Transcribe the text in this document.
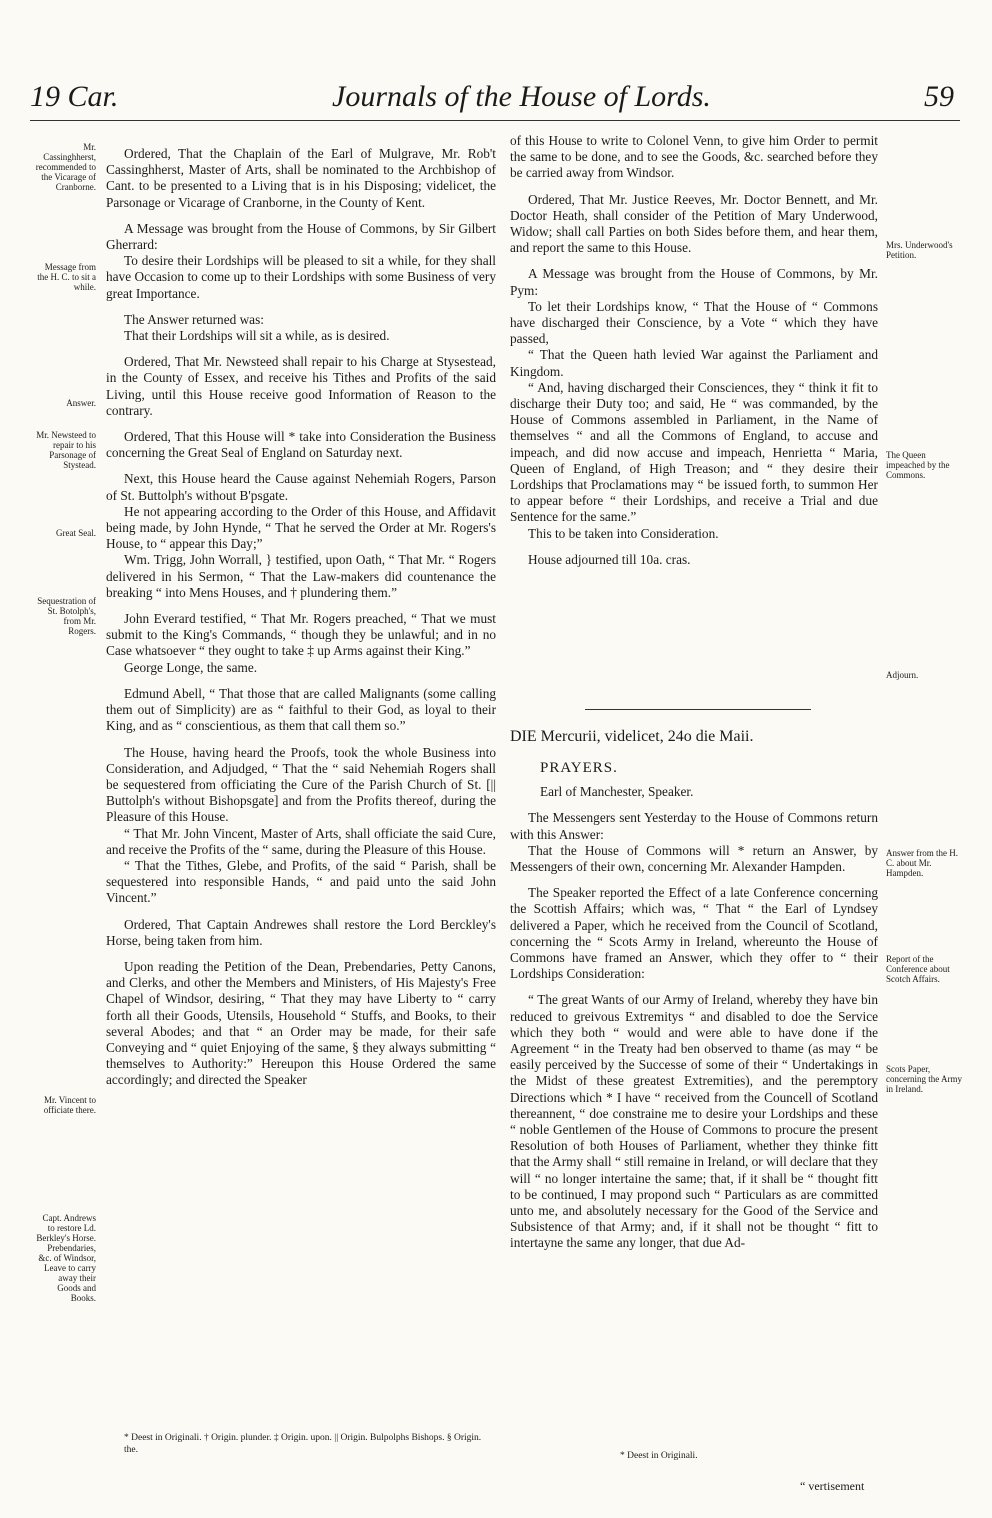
19 Car.	Journals of the House of Lords.	59
Mr. Cassinghherst, recommended to the Vicarage of Cranborne.
Message from the H. C. to sit a while.
Answer.
Mr. Newsteed to repair to his Parsonage of Stystead.
Great Seal.
Sequestration of St. Botolph's, from Mr. Rogers.
Mr. Vincent to officiate there.
Capt. Andrews to restore Ld. Berkley's Horse. Prebendaries, &c. of Windsor, Leave to carry away their Goods and Books.
Mrs. Underwood's Petition.
The Queen impeached by the Commons.
Adjourn.
Answer from the H. C. about Mr. Hampden.
Report of the Conference about Scotch Affairs.
Scots Paper, concerning the Army in Ireland.

Ordered, That the Chaplain of the Earl of Mulgrave, Mr. Rob't Cassinghherst, Master of Arts, shall be nominated to the Archbishop of Cant. to be presented to a Living that is in his Disposing; videlicet, the Parsonage or Vicarage of Cranborne, in the County of Kent.

A Message was brought from the House of Commons, by Sir Gilbert Gherrard:

To desire their Lordships will be pleased to sit a while, for they shall have Occasion to come up to their Lordships with some Business of very great Importance.

The Answer returned was:

That their Lordships will sit a while, as is desired.

Ordered, That Mr. Newsteed shall repair to his Charge at Stysestead, in the County of Essex, and receive his Tithes and Profits of the said Living, until this House receive good Information of Reason to the contrary.

Ordered, That this House will * take into Consideration the Business concerning the Great Seal of England on Saturday next.

Next, this House heard the Cause against Nehemiah Rogers, Parson of St. Buttolph's without B'psgate.

He not appearing according to the Order of this House, and Affidavit being made, by John Hynde, “ That he served the Order at Mr. Rogers's House, to “ appear this Day;”

Wm. Trigg, John Worrall, } testified, upon Oath, “ That Mr. “ Rogers delivered in his Sermon, “ That the Law-makers did countenance the breaking “ into Mens Houses, and † plundering them.”

John Everard testified, “ That Mr. Rogers preached, “ That we must submit to the King's Commands, “ though they be unlawful; and in no Case whatsoever “ they ought to take ‡ up Arms against their King.”

George Longe, the same.

Edmund Abell, “ That those that are called Malignants (some calling them out of Simplicity) are as “ faithful to their God, as loyal to their King, and as “ conscientious, as them that call them so.”

The House, having heard the Proofs, took the whole Business into Consideration, and Adjudged, “ That the “ said Nehemiah Rogers shall be sequestered from officiating the Cure of the Parish Church of St. [|| Buttolph's without Bishopsgate] and from the Profits thereof, during the Pleasure of this House.

“ That Mr. John Vincent, Master of Arts, shall officiate the said Cure, and receive the Profits of the “ same, during the Pleasure of this House.

“ That the Tithes, Glebe, and Profits, of the said “ Parish, shall be sequestered into responsible Hands, “ and paid unto the said John Vincent.”

Ordered, That Captain Andrewes shall restore the Lord Berckley's Horse, being taken from him.

Upon reading the Petition of the Dean, Prebendaries, Petty Canons, and Clerks, and other the Members and Ministers, of His Majesty's Free Chapel of Windsor, desiring, “ That they may have Liberty to “ carry forth all their Goods, Utensils, Household “ Stuffs, and Books, to their several Abodes; and that “ an Order may be made, for their safe Conveying and “ quiet Enjoying of the same, § they always submitting “ themselves to Authority:” Hereupon this House Ordered the same accordingly; and directed the Speaker

* Deest in Originali. † Origin. plunder. ‡ Origin. upon. || Origin. Bulpolphs Bishops. § Origin. the.

of this House to write to Colonel Venn, to give him Order to permit the same to be done, and to see the Goods, &c. searched before they be carried away from Windsor.

Ordered, That Mr. Justice Reeves, Mr. Doctor Bennett, and Mr. Doctor Heath, shall consider of the Petition of Mary Underwood, Widow; shall call Parties on both Sides before them, and hear them, and report the same to this House.

A Message was brought from the House of Commons, by Mr. Pym:

To let their Lordships know, “ That the House of “ Commons have discharged their Conscience, by a Vote “ which they have passed,

“ That the Queen hath levied War against the Parliament and Kingdom.

“ And, having discharged their Consciences, they “ think it fit to discharge their Duty too; and said, He “ was commanded, by the House of Commons assembled in Parliament, in the Name of themselves “ and all the Commons of England, to accuse and impeach, and did now accuse and impeach, Henrietta “ Maria, Queen of England, of High Treason; and “ they desire their Lordships that Proclamations may “ be issued forth, to summon Her to appear before “ their Lordships, and receive a Trial and due Sentence for the same.”

This to be taken into Consideration.

House adjourned till 10a. cras.

DIE Mercurii, videlicet, 24o die Maii.

PRAYERS.

Earl of Manchester, Speaker.

The Messengers sent Yesterday to the House of Commons return with this Answer:

That the House of Commons will * return an Answer, by Messengers of their own, concerning Mr. Alexander Hampden.

The Speaker reported the Effect of a late Conference concerning the Scottish Affairs; which was, “ That “ the Earl of Lyndsey delivered a Paper, which he received from the Council of Scotland, concerning the “ Scots Army in Ireland, whereunto the House of Commons have framed an Answer, which they offer to “ their Lordships Consideration:

“ The great Wants of our Army of Ireland, whereby they have bin reduced to greivous Extremitys “ and disabled to doe the Service which they both “ would and were able to have done if the Agreement “ in the Treaty had ben observed to thame (as may “ be easily perceived by the Successe of some of their “ Undertakings in the Midst of these greatest Extremities), and the peremptory Directions which * I have “ received from the Councell of Scotland thereannent, “ doe constraine me to desire your Lordships and these “ noble Gentlemen of the House of Commons to procure the present Resolution of both Houses of Parliament, whether they thinke fitt that the Army shall “ still remaine in Ireland, or will declare that they will “ no longer intertaine the same; that, if it shall be “ thought fitt to be continued, I may propond such “ Particulars as are committed unto me, and absolutely necessary for the Good of the Service and Subsistence of that Army; and, if it shall not be thought “ fitt to intertayne the same any longer, that due Ad-

* Deest in Originali.
“ vertisement
